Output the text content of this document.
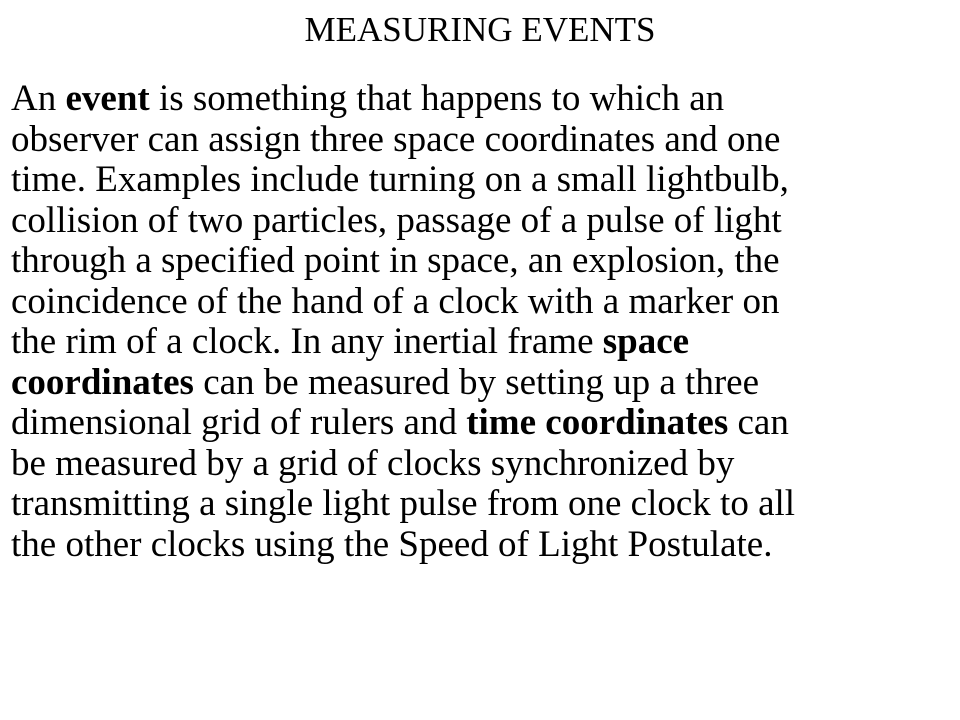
MEASURING EVENTS
An event is something that happens to which an
observer can assign three space coordinates and one
time. Examples include turning on a small lightbulb,
collision of two particles, passage of a pulse of light
through a specified point in space, an explosion, the
coincidence of the hand of a clock with a marker on
the rim of a clock. In any inertial frame space
coordinates can be measured by setting up a three
dimensional grid of rulers and time coordinates can
be measured by a grid of clocks synchronized by
transmitting a single light pulse from one clock to all
the other clocks using the Speed of Light Postulate.
